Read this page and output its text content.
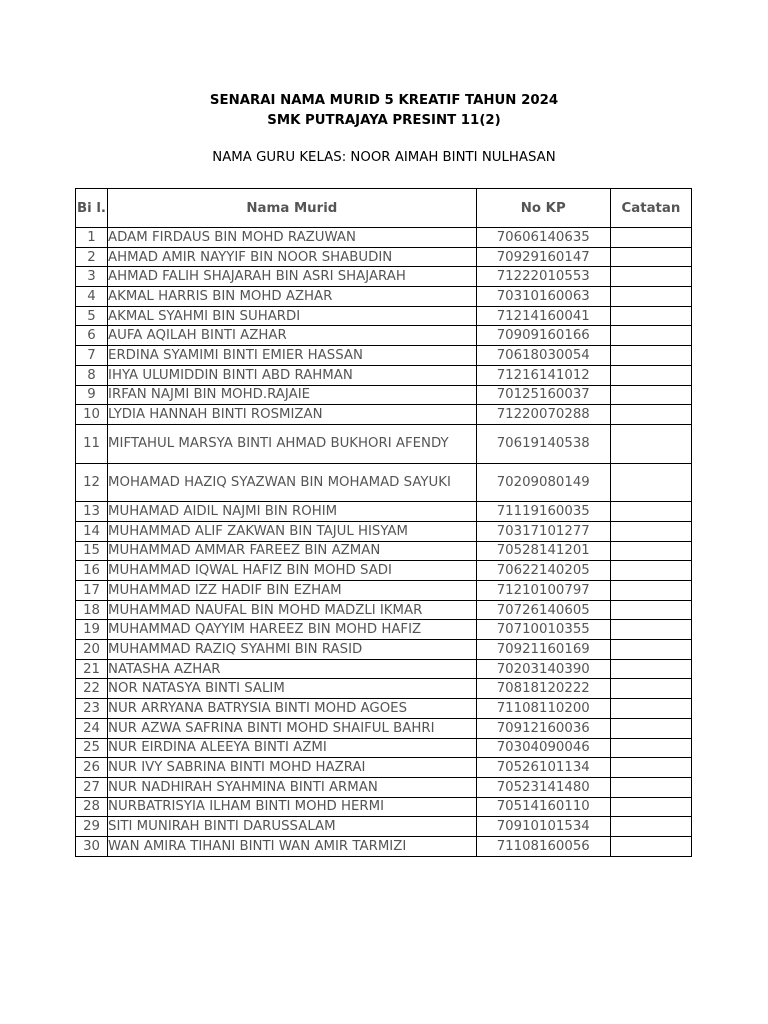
SENARAI NAMA MURID 5 KREATIF TAHUN 2024
SMK PUTRAJAYA PRESINT 11(2)
NAMA GURU KELAS: NOOR AIMAH BINTI NULHASAN
Bi l.	Nama Murid	No KP	Catatan
1	ADAM FIRDAUS BIN MOHD RAZUWAN	70606140635	
2	AHMAD AMIR NAYYIF BIN NOOR SHABUDIN	70929160147	
3	AHMAD FALIH SHAJARAH BIN ASRI SHAJARAH	71222010553	
4	AKMAL HARRIS BIN MOHD AZHAR	70310160063	
5	AKMAL SYAHMI BIN SUHARDI	71214160041	
6	AUFA AQILAH BINTI AZHAR	70909160166	
7	ERDINA SYAMIMI BINTI EMIER HASSAN	70618030054	
8	IHYA ULUMIDDIN BINTI ABD RAHMAN	71216141012	
9	IRFAN NAJMI BIN MOHD.RAJAIE	70125160037	
10	LYDIA HANNAH BINTI ROSMIZAN	71220070288	
11	MIFTAHUL MARSYA BINTI AHMAD BUKHORI AFENDY	70619140538	
12	MOHAMAD HAZIQ SYAZWAN BIN MOHAMAD SAYUKI	70209080149	
13	MUHAMAD AIDIL NAJMI BIN ROHIM	71119160035	
14	MUHAMMAD ALIF ZAKWAN BIN TAJUL HISYAM	70317101277	
15	MUHAMMAD AMMAR FAREEZ BIN AZMAN	70528141201	
16	MUHAMMAD IQWAL HAFIZ BIN MOHD SADI	70622140205	
17	MUHAMMAD IZZ HADIF BIN EZHAM	71210100797	
18	MUHAMMAD NAUFAL BIN MOHD MADZLI IKMAR	70726140605	
19	MUHAMMAD QAYYIM HAREEZ BIN MOHD HAFIZ	70710010355	
20	MUHAMMAD RAZIQ SYAHMI BIN RASID	70921160169	
21	NATASHA AZHAR	70203140390	
22	NOR NATASYA BINTI SALIM	70818120222	
23	NUR ARRYANA BATRYSIA BINTI MOHD AGOES	71108110200	
24	NUR AZWA SAFRINA BINTI MOHD SHAIFUL BAHRI	70912160036	
25	NUR EIRDINA ALEEYA BINTI AZMI	70304090046	
26	NUR IVY SABRINA BINTI MOHD HAZRAI	70526101134	
27	NUR NADHIRAH SYAHMINA BINTI ARMAN	70523141480	
28	NURBATRISYIA ILHAM BINTI MOHD HERMI	70514160110	
29	SITI MUNIRAH BINTI DARUSSALAM	70910101534	
30	WAN AMIRA TIHANI BINTI WAN AMIR TARMIZI	71108160056	
